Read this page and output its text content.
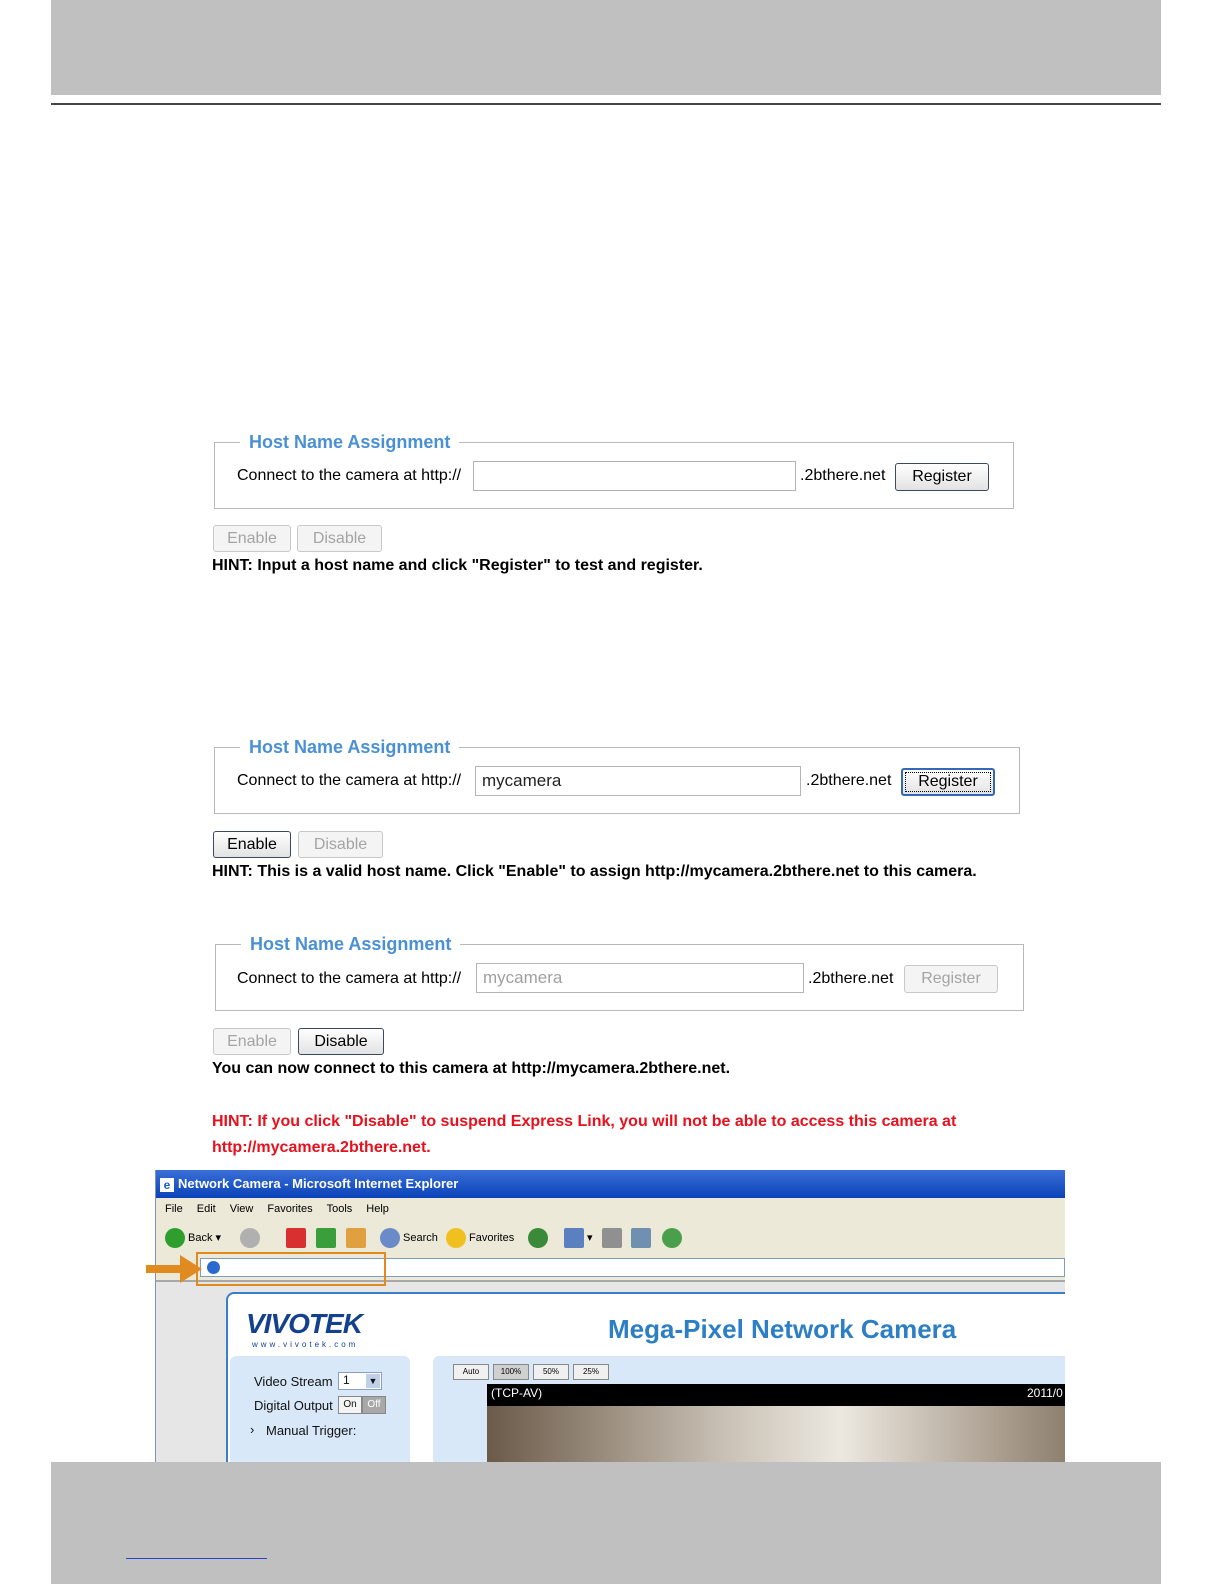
Host Name Assignment
Connect to the camera at http://	.2bthere.net	Register
Enable	Disable
HINT: Input a host name and click "Register" to test and register.
Host Name Assignment
Connect to the camera at http://	mycamera	.2bthere.net	Register
Enable	Disable
HINT: This is a valid host name. Click "Enable" to assign http://mycamera.2bthere.net to this camera.
Host Name Assignment
Connect to the camera at http://	mycamera	.2bthere.net	Register
Enable	Disable
You can now connect to this camera at http://mycamera.2bthere.net.
HINT: If you click "Disable" to suspend Express Link, you will not be able to access this camera at
http://mycamera.2bthere.net.
e Network Camera - Microsoft Internet Explorer
File Edit View Favorites Tools Help
Back ▾	Search	Favorites	▾
VIVOTEK
www.vivotek.com
Mega-Pixel Network Camera
Video Stream 1 ▼
Digital Output	On	Off
› Manual Trigger:
Auto	100%	50%	25%
(TCP-AV)	2011/0
